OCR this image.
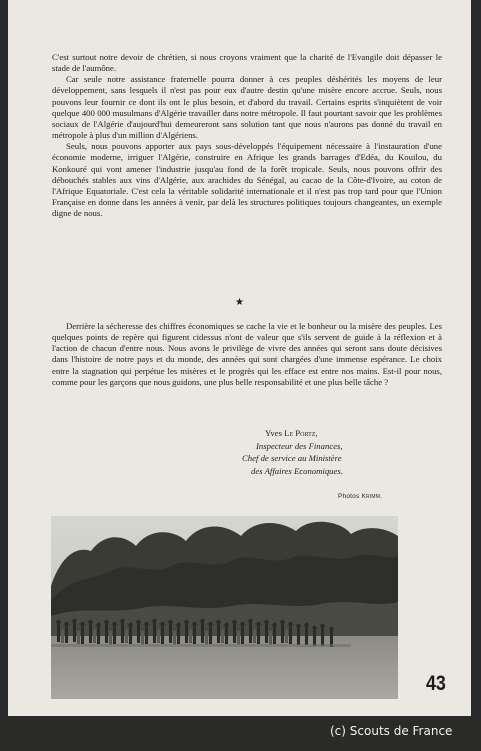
C'est surtout notre devoir de chrétien, si nous croyons vraiment que la charité de l'Evangile doit dépasser le stade de l'aumône.

Car seule notre assistance fraternelle pourra donner à ces peuples déshérités les moyens de leur développement, sans lesquels il n'est pas pour eux d'autre destin qu'une misère encore accrue. Seuls, nous pouvons leur fournir ce dont ils ont le plus besoin, et d'abord du travail. Certains esprits s'inquiètent de voir quelque 400 000 musulmans d'Algérie travailler dans notre métropole. Il faut pourtant savoir que les problèmes sociaux de l'Algérie d'aujourd'hui demeureront sans solution tant que nous n'aurons pas donné du travail en métropole à plus d'un million d'Algériens.

Seuls, nous pouvons apporter aux pays sous-développés l'équipement nécessaire à l'instauration d'une économie moderne, irriguer l'Algérie, construire en Afrique les grands barrages d'Edéa, du Kouilou, du Konkouré qui vont amener l'industrie jusqu'au fond de la forêt tropicale. Seuls, nous pouvons offrir des débouchés stables aux vins d'Algérie, aux arachides du Sénégal, au cacao de la Côte-d'Ivoire, au coton de l'Afrique Equatoriale. C'est cela la véritable solidarité internationale et il n'est pas trop tard pour que l'Union Française en donne dans les années à venir, par delà les structures politiques toujours changeantes, un exemple digne de nous.

★

Derrière la sécheresse des chiffres économiques se cache la vie et le bonheur ou la misère des peuples. Les quelques points de repère qui figurent cidessus n'ont de valeur que s'ils servent de guide à la réflexion et à l'action de chacun d'entre nous. Nous avons le privilège de vivre des années qui seront sans doute décisives dans l'histoire de notre pays et du monde, des années qui sont chargées d'une immense espérance. Le choix entre la stagnation qui perpétue les misères et le progrès qui les efface est entre nos mains. Est-il pour nous, comme pour les garçons que nous guidons, une plus belle responsabilité et une plus belle tâche ?

Yves Le Portz,
Inspecteur des Finances,
Chef de service au Ministère
des Affaires Economiques.
Photos Krimm.
43
(c) Scouts de France
